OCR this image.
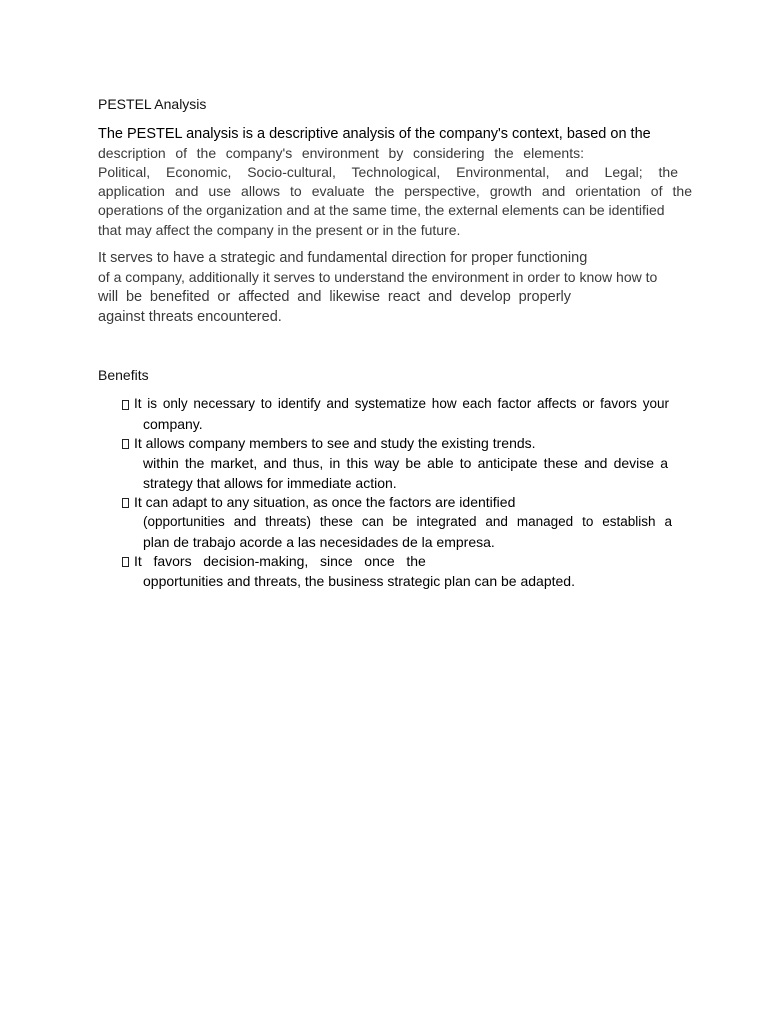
PESTEL Analysis
The PESTEL analysis is a descriptive analysis of the company's context, based on the
description of the company's environment by considering the elements:
Political, Economic, Socio-cultural, Technological, Environmental, and Legal; the
application and use allows to evaluate the perspective, growth and orientation of the
operations of the organization and at the same time, the external elements can be identified
that may affect the company in the present or in the future.
It serves to have a strategic and fundamental direction for proper functioning
of a company, additionally it serves to understand the environment in order to know how to
will be benefited or affected and likewise react and develop properly
against threats encountered.
Benefits
It is only necessary to identify and systematize how each factor affects or favors your
company.
It allows company members to see and study the existing trends.
within the market, and thus, in this way be able to anticipate these and devise a
strategy that allows for immediate action.
It can adapt to any situation, as once the factors are identified
(opportunities and threats) these can be integrated and managed to establish a
plan de trabajo acorde a las necesidades de la empresa.
It   favors   decision-making,   since   once   the
opportunities and threats, the business strategic plan can be adapted.
